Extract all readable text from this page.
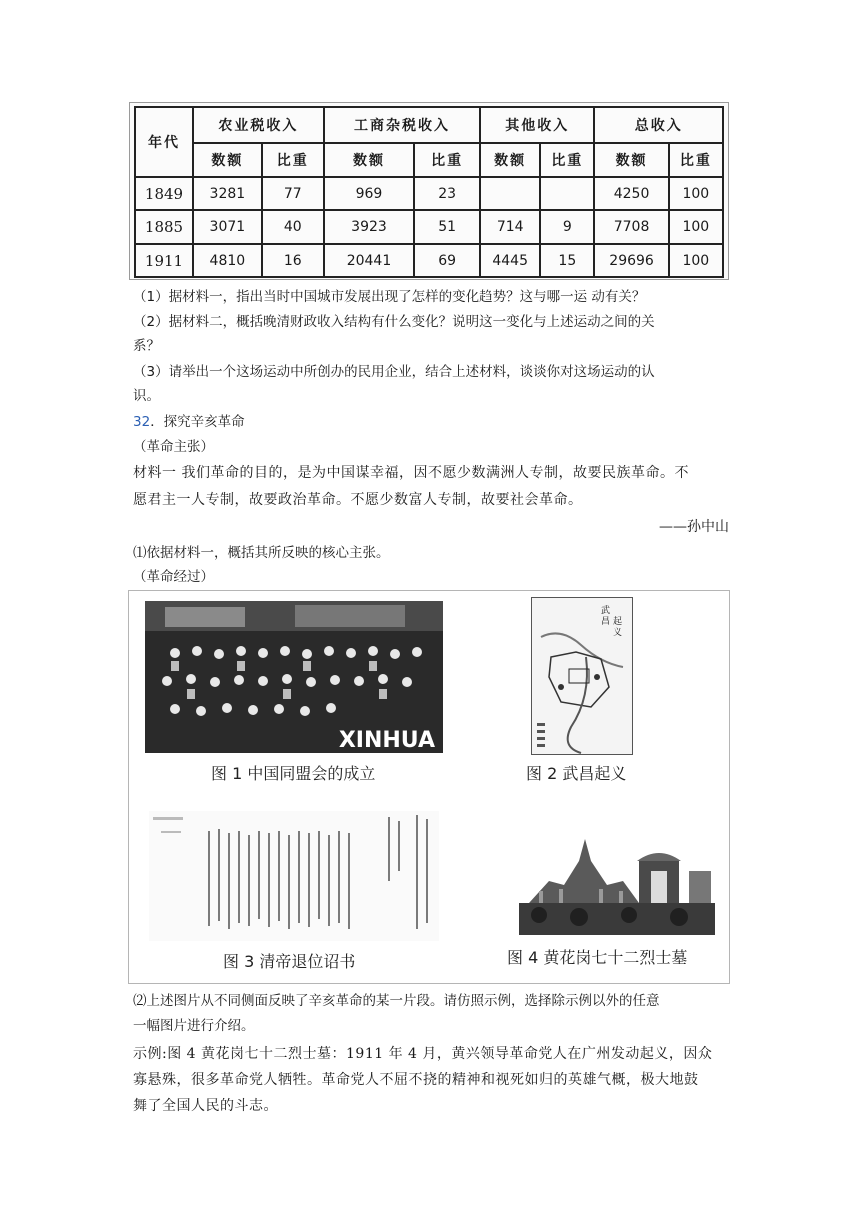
年代	农业税收入		工商杂税收入		其他收入		总收入	
	数额	比重	数额	比重	数额	比重	数额	比重
1849	3281	77	969	23			4250	100
1885	3071	40	3923	51	714	9	7708	100
1911	4810	16	20441	69	4445	15	29696	100
（1）据材料一，指出当时中国城市发展出现了怎样的变化趋势？这与哪一运 动有关？
（2）据材料二，概括晚清财政收入结构有什么变化？说明这一变化与上述运动之间的关
系？
（3）请举出一个这场运动中所创办的民用企业，结合上述材料，谈谈你对这场运动的认
识。
32．探究辛亥革命
（革命主张）
材料一 我们革命的目的，是为中国谋幸福，因不愿少数满洲人专制，故要民族革命。不
愿君主一人专制，故要政治革命。不愿少数富人专制，故要社会革命。
——孙中山
⑴依据材料一，概括其所反映的核心主张。
（革命经过）
XINHUA
图 1 中国同盟会的成立
武
昌 起
义
图 2 武昌起义
图 3 清帝退位诏书	图 4 黄花岗七十二烈士墓
⑵上述图片从不同侧面反映了辛亥革命的某一片段。请仿照示例，选择除示例以外的任意
一幅图片进行介绍。
示例:图 4 黄花岗七十二烈士墓：1911 年 4 月，黄兴领导革命党人在广州发动起义，因众
寡悬殊，很多革命党人牺牲。革命党人不屈不挠的精神和视死如归的英雄气概，极大地鼓
舞了全国人民的斗志。
